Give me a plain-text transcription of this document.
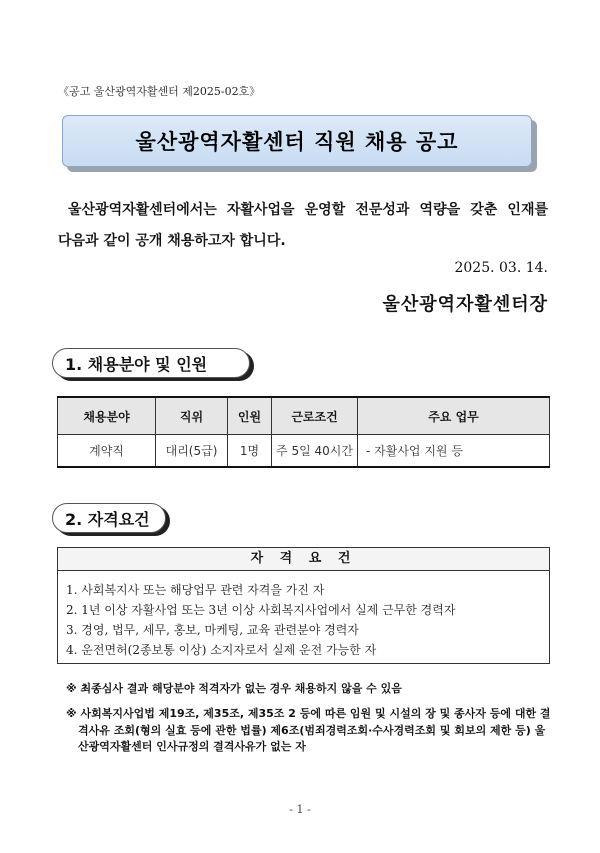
《공고 울산광역자활센터 제2025-02호》
울산광역자활센터 직원 채용 공고
울산광역자활센터에서는 자활사업을 운영할 전문성과 역량을 갖춘 인재를
다음과 같이 공개 채용하고자 합니다.
2025. 03. 14.
울산광역자활센터장
1. 채용분야 및 인원
채용분야	직위	인원	근로조건	주요 업무
계약직	대리(5급)	1명	주 5일 40시간	- 자활사업 지원 등
2. 자격요건
자 격 요 건
1. 사회복지사 또는 해당업무 관련 자격을 가진 자
2. 1년 이상 자활사업 또는 3년 이상 사회복지사업에서 실제 근무한 경력자
3. 경영, 법무, 세무, 홍보, 마케팅, 교육 관련분야 경력자
4. 운전면허(2종보통 이상) 소지자로서 실제 운전 가능한 자
※ 최종심사 결과 해당분야 적격자가 없는 경우 채용하지 않을 수 있음
※ 사회복지사업법 제19조, 제35조, 제35조 2 등에 따른 임원 및 시설의 장 및 종사자 등에 대한 결격사유 조회(형의 실효 등에 관한 법률) 제6조(범죄경력조회·수사경력조회 및 회보의 제한 등) 울산광역자활센터 인사규정의 결격사유가 없는 자
- 1 -
